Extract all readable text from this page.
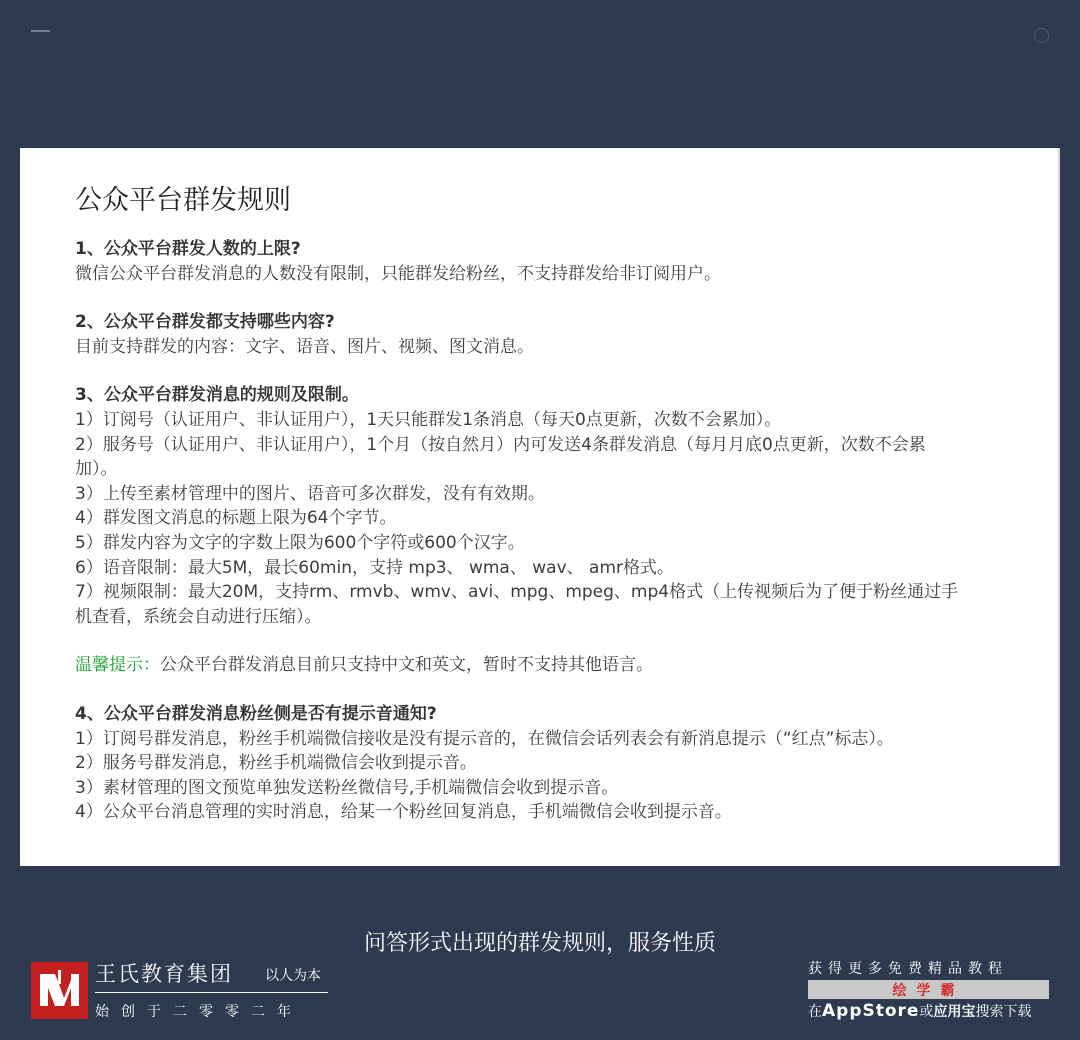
公众平台群发规则

1、公众平台群发人数的上限?

微信公众平台群发消息的人数没有限制，只能群发给粉丝，不支持群发给非订阅用户。

2、公众平台群发都支持哪些内容?

目前支持群发的内容：文字、语音、图片、视频、图文消息。

3、公众平台群发消息的规则及限制。

1）订阅号（认证用户、非认证用户），1天只能群发1条消息（每天0点更新，次数不会累加）。

2）服务号（认证用户、非认证用户），1个月（按自然月）内可发送4条群发消息（每月月底0点更新，次数不会累

加）。

3）上传至素材管理中的图片、语音可多次群发，没有有效期。

4）群发图文消息的标题上限为64个字节。

5）群发内容为文字的字数上限为600个字符或600个汉字。

6）语音限制：最大5M，最长60min，支持 mp3、 wma、 wav、 amr格式。

7）视频限制：最大20M，支持rm、rmvb、wmv、avi、mpg、mpeg、mp4格式（上传视频后为了便于粉丝通过手

机查看，系统会自动进行压缩）。

温馨提示：公众平台群发消息目前只支持中文和英文，暂时不支持其他语言。

4、公众平台群发消息粉丝侧是否有提示音通知?

1）订阅号群发消息，粉丝手机端微信接收是没有提示音的，在微信会话列表会有新消息提示（“红点”标志）。

2）服务号群发消息，粉丝手机端微信会收到提示音。

3）素材管理的图文预览单独发送粉丝微信号,手机端微信会收到提示音。

4）公众平台消息管理的实时消息，给某一个粉丝回复消息，手机端微信会收到提示音。

问答形式出现的群发规则，服务性质
王氏教育集团 以人为本
始创于二零零二年
获得更多免费精品教程
绘学霸
在AppStore或应用宝搜索下载
